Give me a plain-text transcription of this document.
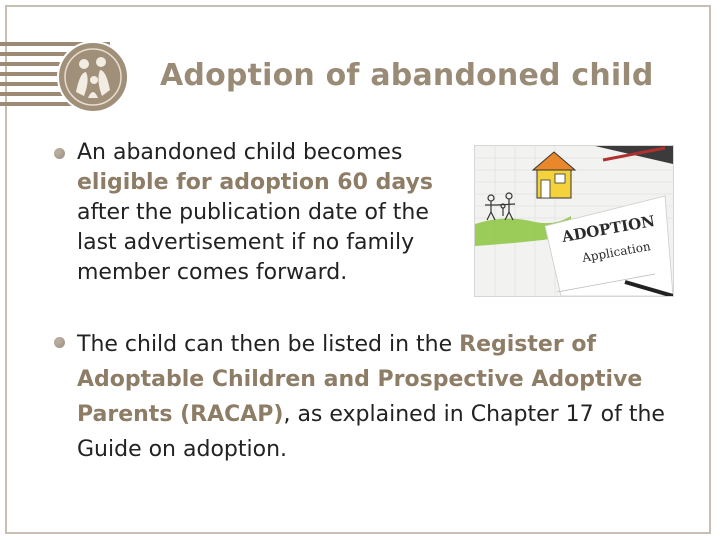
Adoption of abandoned child
An abandoned child becomes eligible for adoption 60 days after the publication date of the last advertisement if no family member comes forward.
ADOPTION
Application
The child can then be listed in the Register of Adoptable Children and Prospective Adoptive Parents (RACAP), as explained in Chapter 17 of the Guide on adoption.
